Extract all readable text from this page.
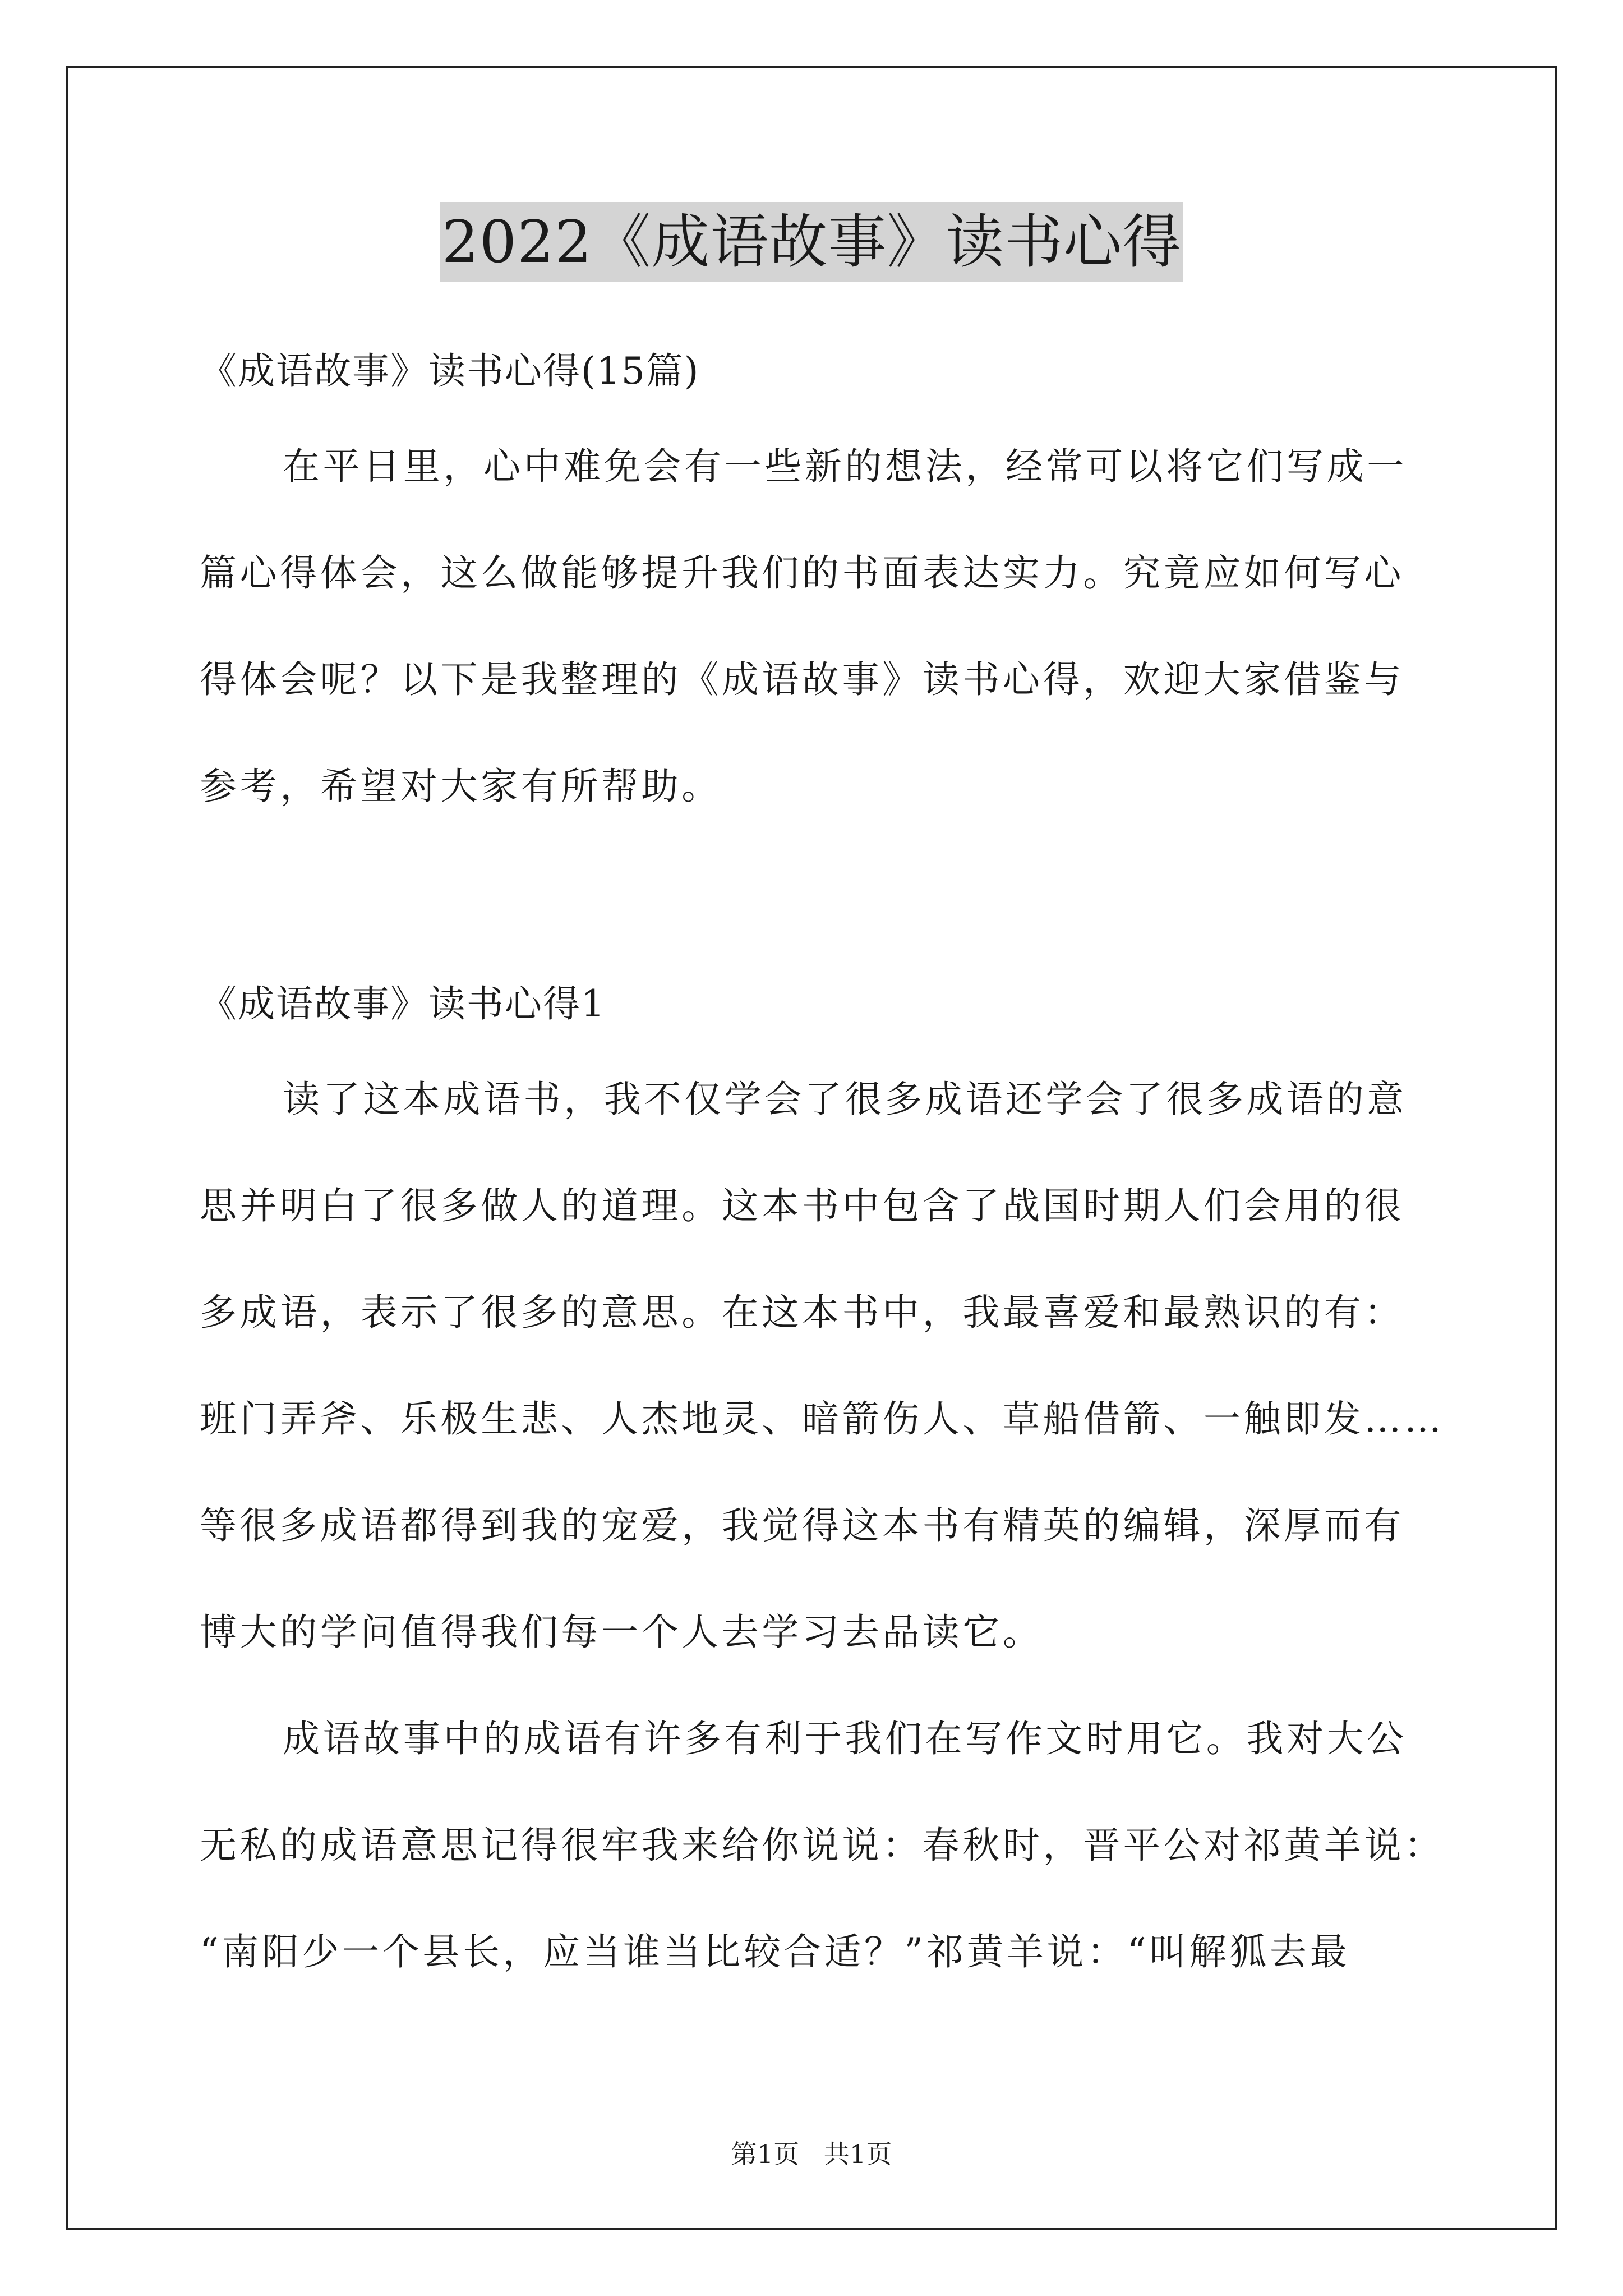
2022《成语故事》读书心得
《成语故事》读书心得(15篇)
在平日里，心中难免会有一些新的想法，经常可以将它们写成一
篇心得体会，这么做能够提升我们的书面表达实力。究竟应如何写心
得体会呢？以下是我整理的《成语故事》读书心得，欢迎大家借鉴与
参考，希望对大家有所帮助。
《成语故事》读书心得1
读了这本成语书，我不仅学会了很多成语还学会了很多成语的意
思并明白了很多做人的道理。这本书中包含了战国时期人们会用的很
多成语，表示了很多的意思。在这本书中，我最喜爱和最熟识的有：
班门弄斧、乐极生悲、人杰地灵、暗箭伤人、草船借箭、一触即发……
等很多成语都得到我的宠爱，我觉得这本书有精英的编辑，深厚而有
博大的学问值得我们每一个人去学习去品读它。
成语故事中的成语有许多有利于我们在写作文时用它。我对大公
无私的成语意思记得很牢我来给你说说：春秋时，晋平公对祁黄羊说：
“南阳少一个县长，应当谁当比较合适？”祁黄羊说：“叫解狐去最
第1页   共1页
